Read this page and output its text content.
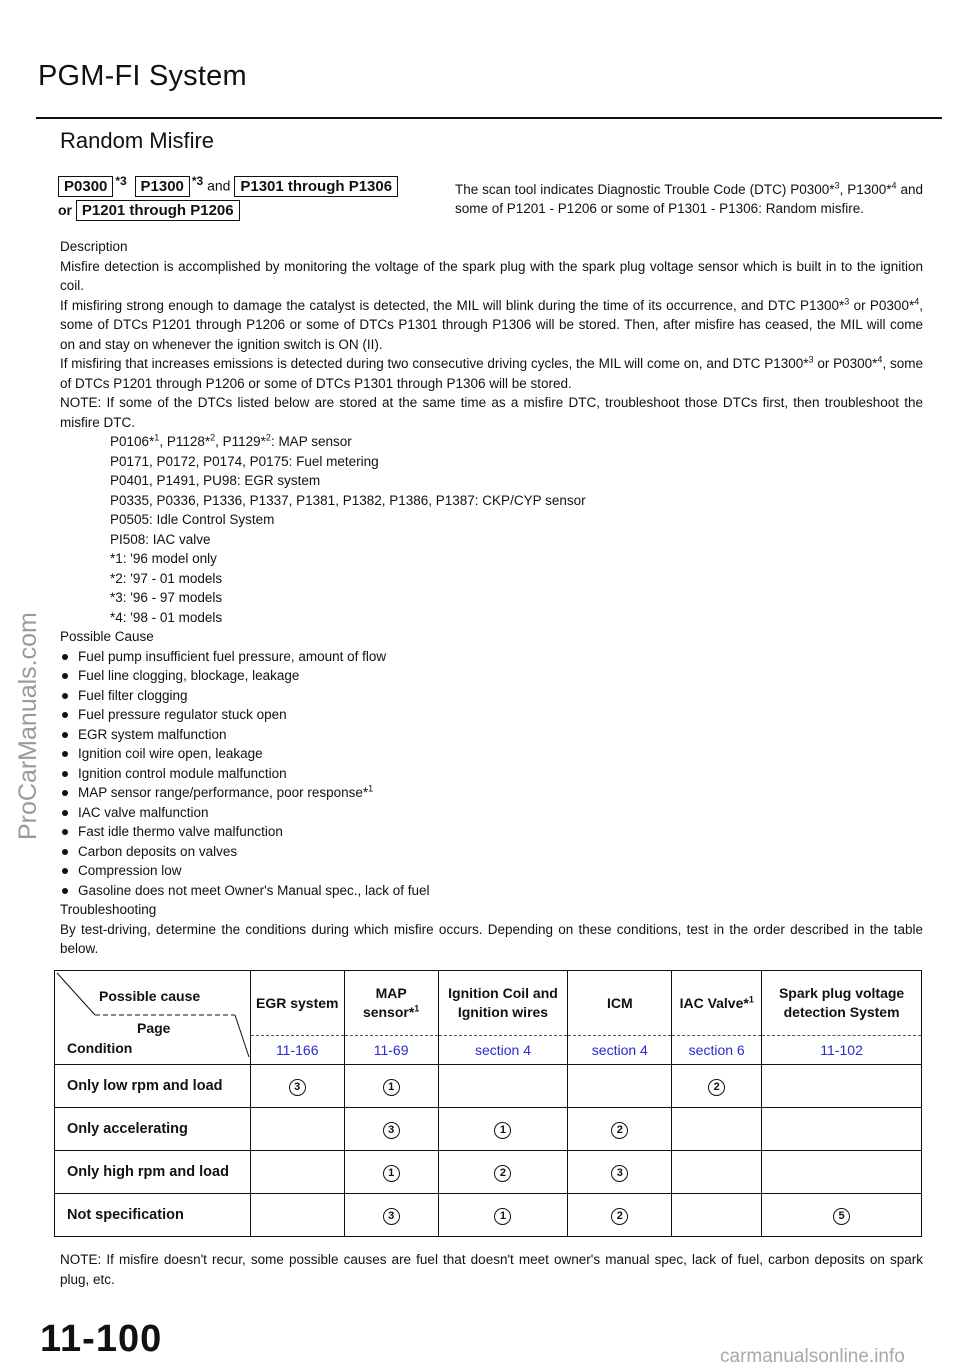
PGM-FI System
Random Misfire
P0300 *3 P1300 *3 and P1301 through P1306
or P1201 through P1206
The scan tool indicates Diagnostic Trouble Code (DTC) P0300*$^3$, P1300*$^4$ and some of P1201 - P1206 or some of P1301 - P1306: Random misfire.

Description

Misfire detection is accomplished by monitoring the voltage of the spark plug with the spark plug voltage sensor which is built in to the ignition coil.

If misfiring strong enough to damage the catalyst is detected, the MIL will blink during the time of its occurrence, and DTC P1300*$^3$ or P0300*$^4$, some of DTCs P1201 through P1206 or some of DTCs P1301 through P1306 will be stored. Then, after misfire has ceased, the MIL will come on and stay on whenever the ignition switch is ON (II).

If misfiring that increases emissions is detected during two consecutive driving cycles, the MIL will come on, and DTC P1300*$^3$ or P0300*$^4$, some of DTCs P1201 through P1206 or some of DTCs P1301 through P1306 will be stored.

NOTE: If some of the DTCs listed below are stored at the same time as a misfire DTC, troubleshoot those DTCs first, then troubleshoot the misfire DTC.

P0106*$^1$, P1128*$^2$, P1129*$^2$: MAP sensor

P0171, P0172, P0174, P0175: Fuel metering

P0401, P1491, PU98: EGR system

P0335, P0336, P1336, P1337, P1381, P1382, P1386, P1387: CKP/CYP sensor

P0505: Idle Control System

PI508: IAC valve

*1: '96 model only

*2: '97 - 01 models

*3: '96 - 97 models

*4: '98 - 01 models

Possible Cause

Fuel pump insufficient fuel pressure, amount of flow

Fuel line clogging, blockage, leakage

Fuel filter clogging

Fuel pressure regulator stuck open

EGR system malfunction

Ignition coil wire open, leakage

Ignition control module malfunction

MAP sensor range/performance, poor response*$^1$

IAC valve malfunction

Fast idle thermo valve malfunction

Carbon deposits on valves

Compression low

Gasoline does not meet Owner's Manual spec., lack of fuel

Troubleshooting

By test-driving, determine the conditions during which misfire occurs. Depending on these conditions, test in the order described in the table below.

Possible cause
Page
Condition	EGR system	MAP sensor*$^1$	Ignition Coil and Ignition wires	ICM	IAC Valve*$^1$	Spark plug voltage detection System
	11-166	11-69	section 4	section 4	section 6	11-102
Only low rpm and load	3	1			2	
Only accelerating		3	1	2		
Only high rpm and load		1	2	3		
Not specification		3	1	2		5
NOTE: If misfire doesn't recur, some possible causes are fuel that doesn't meet owner's manual spec, lack of fuel, carbon deposits on spark plug, etc.
11-100
ProCarManuals.com
carmanualsonline.info
